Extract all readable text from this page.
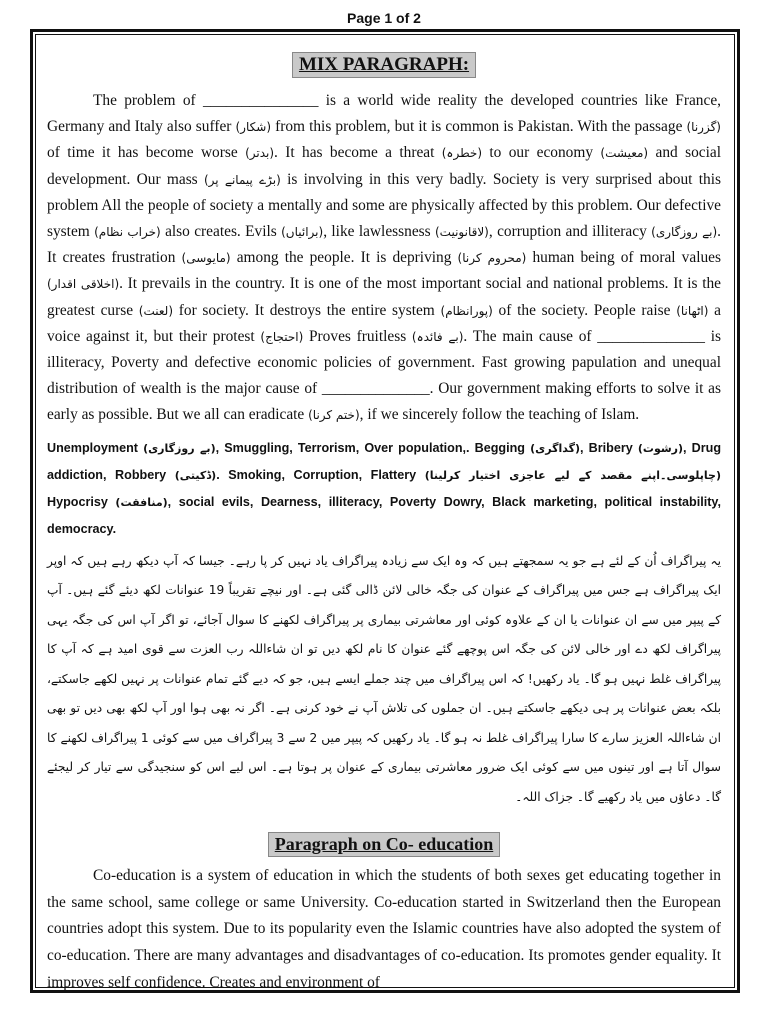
Page 1 of 2
MIX PARAGRAPH:

The problem of _______________ is a world wide reality the developed countries like France, Germany and Italy also suffer (شکار) from this problem, but it is common is Pakistan. With the passage (گزرنا) of time it has become worse (بدتر). It has become a threat (خطرہ) to our economy (معیشت) and social development. Our mass (بڑے پیمانے پر) is involving in this very badly. Society is very surprised about this problem All the people of society a mentally and some are physically affected by this problem. Our defective system (خراب نظام) also creates. Evils (برائیاں), like lawlessness (لاقانونیت), corruption and illiteracy (بے روزگاری). It creates frustration (مایوسی) among the people. It is depriving (محروم کرنا) human being of moral values (اخلاقی اقدار). It prevails in the country. It is one of the most important social and national problems. It is the greatest curse (لعنت) for society. It destroys the entire system (پورانظام) of the society. People raise (اٹھانا) a voice against it, but their protest (احتجاج) Proves fruitless (بے فائدہ). The main cause of ______________ is illiteracy, Poverty and defective economic policies of government. Fast growing papulation and unequal distribution of wealth is the major cause of ______________. Our government making efforts to solve it as early as possible. But we all can eradicate (ختم کرنا), if we sincerely follow the teaching of Islam.

Unemployment (بے روزگاری), Smuggling, Terrorism, Over population,. Begging (گداگری), Bribery (رشوت), Drug addiction, Robbery (ڈکیتی). Smoking, Corruption, Flattery (چاپلوسی۔اپنے مقصد کے لیے عاجزی اختیار کرلینا) Hypocrisy (منافقت), social evils, Dearness, illiteracy, Poverty Dowry, Black marketing, political instability, democracy.

یہ پیراگراف اُن کے لئے ہے جو یہ سمجھتے ہیں کہ وہ ایک سے زیادہ پیراگراف یاد نہیں کر پا رہے۔ جیسا کہ آپ دیکھ رہے ہیں کہ اوپر ایک پیراگراف ہے جس میں پیراگراف کے عنوان کی جگہ خالی لائن ڈالی گئی ہے۔ اور نیچے تقریباً 19 عنوانات لکھ دیئے گئے ہیں۔ آپ کے پیپر میں سے ان عنوانات یا ان کے علاوہ کوئی اور معاشرتی بیماری پر پیراگراف لکھنے کا سوال آجائے، تو اگر آپ اس کی جگہ یہی پیراگراف لکھ دے اور خالی لائن کی جگہ اس پوچھے گئے عنوان کا نام لکھ دیں تو ان شاءاللہ رب العزت سے قوی امید ہے کہ آپ کا پیراگراف غلط نہیں ہو گا۔ یاد رکھیں! کہ اس پیراگراف میں چند جملے ایسے ہیں، جو کہ دیے گئے تمام عنوانات پر نہیں لکھے جاسکتے، بلکہ بعض عنوانات پر ہی دیکھے جاسکتے ہیں۔ ان جملوں کی تلاش آپ نے خود کرنی ہے۔ اگر نہ بھی ہوا اور آپ لکھ بھی دیں تو بھی ان شاءاللہ العزیز سارے کا سارا پیراگراف غلط نہ ہو گا۔ یاد رکھیں کہ پیپر میں 2 سے 3 پیراگراف میں سے کوئی 1 پیراگراف لکھنے کا سوال آتا ہے اور تینوں میں سے کوئی ایک ضرور معاشرتی بیماری کے عنوان پر ہوتا ہے۔ اس لیے اس کو سنجیدگی سے تیار کر لیجئے گا۔ دعاؤں میں یاد رکھیے گا۔ جزاک اللہ۔

Paragraph on Co- education

Co-education is a system of education in which the students of both sexes get educating together in the same school, same college or same University. Co-education started in Switzerland then the European countries adopt this system. Due to its popularity even the Islamic countries have also adopted the system of co-education. There are many advantages and disadvantages of co-education. Its promotes gender equality. It improves self confidence. Creates and environment of
